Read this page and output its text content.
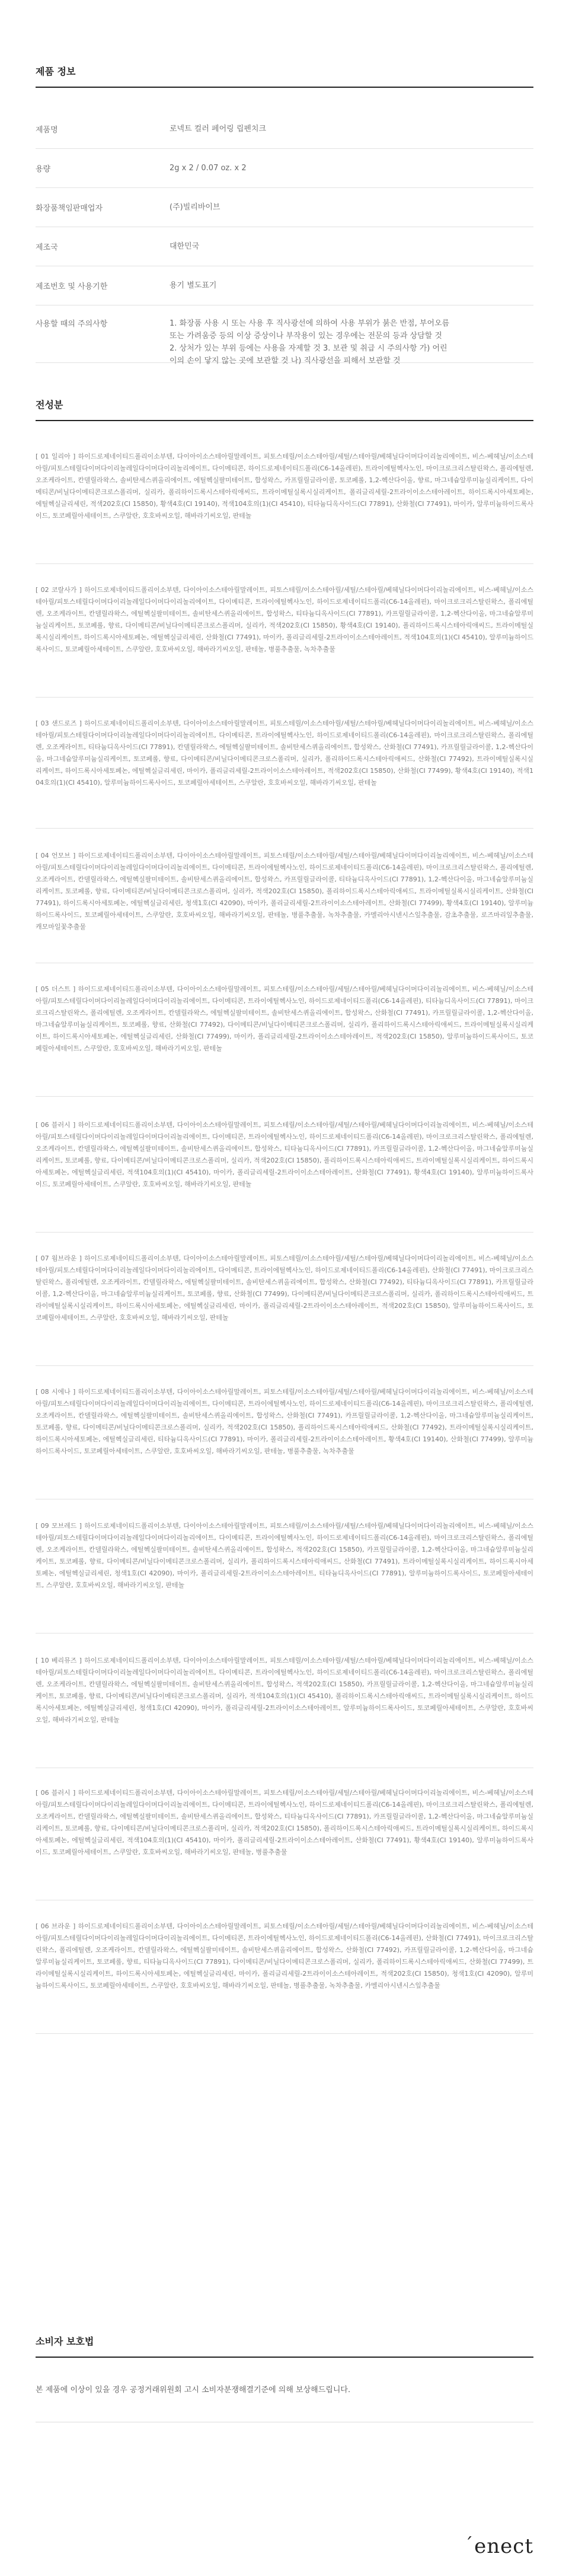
제품 정보
제품명	로넥트 컬러 페어링 립펜치크
용량	2g x 2 / 0.07 oz. x 2
화장품책임판매업자	(주)빌리바이브
제조국	대한민국
제조번호 및 사용기한	용기 별도표기
사용할 때의 주의사항	1. 화장품 사용 시 또는 사용 후 직사광선에 의하여 사용 부위가 붉은 반점, 부어오름
또는 가려움증 등의 이상 증상이나 부작용이 있는 경우에는 전문의 등과 상담할 것
2. 상처가 있는 부위 등에는 사용을 자제할 것 3. 보관 및 취급 시 주의사항 가) 어린
이의 손이 닿지 않는 곳에 보관할 것 나) 직사광선을 피해서 보관할 것
전성분

[ 01 일리아 ] 하이드로제네이티드폴리이소부텐, 다이아이소스테아릴말레이트, 피토스테릴/이소스테아릴/세틸/스테아릴/베헤닐다이머다이리놀리에이트, 비스-베헤닐/이소스테아릴/피토스테릴다이머다이리놀레일다이머다이리놀리에이트, 다이메티콘, 하이드로제네이티드폴리(C6-14올레핀), 트라이에틸헥사노인, 마이크로크리스탈린왁스, 폴리에틸렌, 오조케라이트, 칸델릴라왁스, 솔비탄세스퀴올리에이트, 에틸헥실팔미테이트, 합성왁스, 카프릴릴글라이콜, 토코페롤, 1,2-헥산다이올, 향료, 마그네슘알루미늄실리케이트, 다이메티콘/비닐다이메티콘크로스폴리머, 실리카, 폴리하이드록시스테아릭애씨드, 트라이메틸실록시실리케이트, 폴리글리세릴-2트라이이소스테아레이트, 하이드록시아세토페논, 에틸헥실글리세린, 적색202호(CI 15850), 황색4호(CI 19140), 적색104호의(1)(CI 45410), 티타늄디옥사이드(CI 77891), 산화철(CI 77491), 마이카, 알루미늄하이드록사이드, 토코페릴아세테이트, 스쿠알란, 호호바씨오일, 해바라기씨오일, 판테놀

[ 02 코랄사가 ] 하이드로제네이티드폴리이소부텐, 다이아이소스테아릴말레이트, 피토스테릴/이소스테아릴/세틸/스테아릴/베헤닐다이머다이리놀리에이트, 비스-베헤닐/이소스테아릴/피토스테릴다이머다이리놀레일다이머다이리놀리에이트, 다이메티콘, 트라이에틸헥사노인, 하이드로제네이티드폴리(C6-14올레핀), 마이크로크리스탈린왁스, 폴리에틸렌, 오조케라이트, 칸델릴라왁스, 에틸헥실팔미테이트, 솔비탄세스퀴올리에이트, 합성왁스, 티타늄디옥사이드(CI 77891), 카프릴릴글라이콜, 1,2-헥산다이올, 마그네슘알루미늄실리케이트, 토코페롤, 향료, 다이메티콘/비닐다이메티콘크로스폴리머, 실리카, 적색202호(CI 15850), 황색4호(CI 19140), 폴리하이드록시스테아릭애씨드, 트라이메틸실록시실리케이트, 하이드록시아세토페논, 에틸헥실글리세린, 산화철(CI 77491), 마이카, 폴리글리세릴-2트라이이소스테아레이트, 적색104호의(1)(CI 45410), 알루미늄하이드록사이드, 토코페릴아세테이트, 스쿠알란, 호호바씨오일, 해바라기씨오일, 판테놀, 병풀추출물, 녹차추출물

[ 03 샌드로즈 ] 하이드로제네이티드폴리이소부텐, 다이아이소스테아릴말레이트, 피토스테릴/이소스테아릴/세틸/스테아릴/베헤닐다이머다이리놀리에이트, 비스-베헤닐/이소스테아릴/피토스테릴다이머다이리놀레일다이머다이리놀리에이트, 다이메티콘, 트라이에틸헥사노인, 하이드로제네이티드폴리(C6-14올레핀), 마이크로크리스탈린왁스, 폴리에틸렌, 오조케라이트, 티타늄디옥사이드(CI 77891), 칸델릴라왁스, 에틸헥실팔미테이트, 솔비탄세스퀴올리에이트, 합성왁스, 산화철(CI 77491), 카프릴릴글라이콜, 1,2-헥산다이올, 마그네슘알루미늄실리케이트, 토코페롤, 향료, 다이메티콘/비닐다이메티콘크로스폴리머, 실리카, 폴리하이드록시스테아릭애씨드, 산화철(CI 77492), 트라이메틸실록시실리케이트, 하이드록시아세토페논, 에틸헥실글리세린, 마이카, 폴리글리세릴-2트라이이소스테아레이트, 적색202호(CI 15850), 산화철(CI 77499), 황색4호(CI 19140), 적색104호의(1)(CI 45410), 알루미늄하이드록사이드, 토코페릴아세테이트, 스쿠알란, 호호바씨오일, 해바라기씨오일, 판테놀

[ 04 언모브 ] 하이드로제네이티드폴리이소부텐, 다이아이소스테아릴말레이트, 피토스테릴/이소스테아릴/세틸/스테아릴/베헤닐다이머다이리놀리에이트, 비스-베헤닐/이소스테아릴/피토스테릴다이머다이리놀레일다이머다이리놀리에이트, 다이메티콘, 트라이에틸헥사노인, 하이드로제네이티드폴리(C6-14올레핀), 마이크로크리스탈린왁스, 폴리에틸렌, 오조케라이트, 칸델릴라왁스, 에틸헥실팔미테이트, 솔비탄세스퀴올리에이트, 합성왁스, 카프릴릴글라이콜, 티타늄디옥사이드(CI 77891), 1,2-헥산다이올, 마그네슘알루미늄실리케이트, 토코페롤, 향료, 다이메티콘/비닐다이메티콘크로스폴리머, 실리카, 적색202호(CI 15850), 폴리하이드록시스테아릭애씨드, 트라이메틸실록시실리케이트, 산화철(CI 77491), 하이드록시아세토페논, 에틸헥실글리세린, 청색1호(CI 42090), 마이카, 폴리글리세릴-2트라이이소스테아레이트, 산화철(CI 77499), 황색4호(CI 19140), 알루미늄하이드록사이드, 토코페릴아세테이트, 스쿠알란, 호호바씨오일, 해바라기씨오일, 판테놀, 병풀추출물, 녹차추출물, 카멜리아시넨시스잎추출물, 감초추출물, 로즈마리잎추출물, 캐모마일꽃추출물

[ 05 더스트 ] 하이드로제네이티드폴리이소부텐, 다이아이소스테아릴말레이트, 피토스테릴/이소스테아릴/세틸/스테아릴/베헤닐다이머다이리놀리에이트, 비스-베헤닐/이소스테아릴/피토스테릴다이머다이리놀레일다이머다이리놀리에이트, 다이메티콘, 트라이에틸헥사노인, 하이드로제네이티드폴리(C6-14올레핀), 티타늄디옥사이드(CI 77891), 마이크로크리스탈린왁스, 폴리에틸렌, 오조케라이트, 칸델릴라왁스, 에틸헥실팔미테이트, 솔비탄세스퀴올리에이트, 합성왁스, 산화철(CI 77491), 카프릴릴글라이콜, 1,2-헥산다이올, 마그네슘알루미늄실리케이트, 토코페롤, 향료, 산화철(CI 77492), 다이메티콘/비닐다이메티콘크로스폴리머, 실리카, 폴리하이드록시스테아릭애씨드, 트라이메틸실록시실리케이트, 하이드록시아세토페논, 에틸헥실글리세린, 산화철(CI 77499), 마이카, 폴리글리세릴-2트라이이소스테아레이트, 적색202호(CI 15850), 알루미늄하이드록사이드, 토코페릴아세테이트, 스쿠알란, 호호바씨오일, 해바라기씨오일, 판테놀

[ 06 블러시 ] 하이드로제네이티드폴리이소부텐, 다이아이소스테아릴말레이트, 피토스테릴/이소스테아릴/세틸/스테아릴/베헤닐다이머다이리놀리에이트, 비스-베헤닐/이소스테아릴/피토스테릴다이머다이리놀레일다이머다이리놀리에이트, 다이메티콘, 트라이에틸헥사노인, 하이드로제네이티드폴리(C6-14올레핀), 마이크로크리스탈린왁스, 폴리에틸렌, 오조케라이트, 칸델릴라왁스, 에틸헥실팔미테이트, 솔비탄세스퀴올리에이트, 합성왁스, 티타늄디옥사이드(CI 77891), 카프릴릴글라이콜, 1,2-헥산다이올, 마그네슘알루미늄실리케이트, 토코페롤, 향료, 다이메티콘/비닐다이메티콘크로스폴리머, 실리카, 적색202호(CI 15850), 폴리하이드록시스테아릭애씨드, 트라이메틸실록시실리케이트, 하이드록시아세토페논, 에틸헥실글리세린, 적색104호의(1)(CI 45410), 마이카, 폴리글리세릴-2트라이이소스테아레이트, 산화철(CI 77491), 황색4호(CI 19140), 알루미늄하이드록사이드, 토코페릴아세테이트, 스쿠알란, 호호바씨오일, 해바라기씨오일, 판테놀

[ 07 웜브라운 ] 하이드로제네이티드폴리이소부텐, 다이아이소스테아릴말레이트, 피토스테릴/이소스테아릴/세틸/스테아릴/베헤닐다이머다이리놀리에이트, 비스-베헤닐/이소스테아릴/피토스테릴다이머다이리놀레일다이머다이리놀리에이트, 다이메티콘, 트라이에틸헥사노인, 하이드로제네이티드폴리(C6-14올레핀), 산화철(CI 77491), 마이크로크리스탈린왁스, 폴리에틸렌, 오조케라이트, 칸델릴라왁스, 에틸헥실팔미테이트, 솔비탄세스퀴올리에이트, 합성왁스, 산화철(CI 77492), 티타늄디옥사이드(CI 77891), 카프릴릴글라이콜, 1,2-헥산다이올, 마그네슘알루미늄실리케이트, 토코페롤, 향료, 산화철(CI 77499), 다이메티콘/비닐다이메티콘크로스폴리머, 실리카, 폴리하이드록시스테아릭애씨드, 트라이메틸실록시실리케이트, 하이드록시아세토페논, 에틸헥실글리세린, 마이카, 폴리글리세릴-2트라이이소스테아레이트, 적색202호(CI 15850), 알루미늄하이드록사이드, 토코페릴아세테이트, 스쿠알란, 호호바씨오일, 해바라기씨오일, 판테놀

[ 08 시에나 ] 하이드로제네이티드폴리이소부텐, 다이아이소스테아릴말레이트, 피토스테릴/이소스테아릴/세틸/스테아릴/베헤닐다이머다이리놀리에이트, 비스-베헤닐/이소스테아릴/피토스테릴다이머다이리놀레일다이머다이리놀리에이트, 다이메티콘, 트라이에틸헥사노인, 하이드로제네이티드폴리(C6-14올레핀), 마이크로크리스탈린왁스, 폴리에틸렌, 오조케라이트, 칸델릴라왁스, 에틸헥실팔미테이트, 솔비탄세스퀴올리에이트, 합성왁스, 산화철(CI 77491), 카프릴릴글라이콜, 1,2-헥산다이올, 마그네슘알루미늄실리케이트, 토코페롤, 향료, 다이메티콘/비닐다이메티콘크로스폴리머, 실리카, 적색202호(CI 15850), 폴리하이드록시스테아릭애씨드, 산화철(CI 77492), 트라이메틸실록시실리케이트, 하이드록시아세토페논, 에틸헥실글리세린, 티타늄디옥사이드(CI 77891), 마이카, 폴리글리세릴-2트라이이소스테아레이트, 황색4호(CI 19140), 산화철(CI 77499), 알루미늄하이드록사이드, 토코페릴아세테이트, 스쿠알란, 호호바씨오일, 해바라기씨오일, 판테놀, 병풀추출물, 녹차추출물

[ 09 모브레드 ] 하이드로제네이티드폴리이소부텐, 다이아이소스테아릴말레이트, 피토스테릴/이소스테아릴/세틸/스테아릴/베헤닐다이머다이리놀리에이트, 비스-베헤닐/이소스테아릴/피토스테릴다이머다이리놀레일다이머다이리놀리에이트, 다이메티콘, 트라이에틸헥사노인, 하이드로제네이티드폴리(C6-14올레핀), 마이크로크리스탈린왁스, 폴리에틸렌, 오조케라이트, 칸델릴라왁스, 에틸헥실팔미테이트, 솔비탄세스퀴올리에이트, 합성왁스, 적색202호(CI 15850), 카프릴릴글라이콜, 1,2-헥산다이올, 마그네슘알루미늄실리케이트, 토코페롤, 향료, 다이메티콘/비닐다이메티콘크로스폴리머, 실리카, 폴리하이드록시스테아릭애씨드, 산화철(CI 77491), 트라이메틸실록시실리케이트, 하이드록시아세토페논, 에틸헥실글리세린, 청색1호(CI 42090), 마이카, 폴리글리세릴-2트라이이소스테아레이트, 티타늄디옥사이드(CI 77891), 알루미늄하이드록사이드, 토코페릴아세테이트, 스쿠알란, 호호바씨오일, 해바라기씨오일, 판테놀

[ 10 베리뮤즈 ] 하이드로제네이티드폴리이소부텐, 다이아이소스테아릴말레이트, 피토스테릴/이소스테아릴/세틸/스테아릴/베헤닐다이머다이리놀리에이트, 비스-베헤닐/이소스테아릴/피토스테릴다이머다이리놀레일다이머다이리놀리에이트, 다이메티콘, 트라이에틸헥사노인, 하이드로제네이티드폴리(C6-14올레핀), 마이크로크리스탈린왁스, 폴리에틸렌, 오조케라이트, 칸델릴라왁스, 에틸헥실팔미테이트, 솔비탄세스퀴올리에이트, 합성왁스, 적색202호(CI 15850), 카프릴릴글라이콜, 1,2-헥산다이올, 마그네슘알루미늄실리케이트, 토코페롤, 향료, 다이메티콘/비닐다이메티콘크로스폴리머, 실리카, 적색104호의(1)(CI 45410), 폴리하이드록시스테아릭애씨드, 트라이메틸실록시실리케이트, 하이드록시아세토페논, 에틸헥실글리세린, 청색1호(CI 42090), 마이카, 폴리글리세릴-2트라이이소스테아레이트, 알루미늄하이드록사이드, 토코페릴아세테이트, 스쿠알란, 호호바씨오일, 해바라기씨오일, 판테놀

[ 06 블러시 ] 하이드로제네이티드폴리이소부텐, 다이아이소스테아릴말레이트, 피토스테릴/이소스테아릴/세틸/스테아릴/베헤닐다이머다이리놀리에이트, 비스-베헤닐/이소스테아릴/피토스테릴다이머다이리놀레일다이머다이리놀리에이트, 다이메티콘, 트라이에틸헥사노인, 하이드로제네이티드폴리(C6-14올레핀), 마이크로크리스탈린왁스, 폴리에틸렌, 오조케라이트, 칸델릴라왁스, 에틸헥실팔미테이트, 솔비탄세스퀴올리에이트, 합성왁스, 티타늄디옥사이드(CI 77891), 카프릴릴글라이콜, 1,2-헥산다이올, 마그네슘알루미늄실리케이트, 토코페롤, 향료, 다이메티콘/비닐다이메티콘크로스폴리머, 실리카, 적색202호(CI 15850), 폴리하이드록시스테아릭애씨드, 트라이메틸실록시실리케이트, 하이드록시아세토페논, 에틸헥실글리세린, 적색104호의(1)(CI 45410), 마이카, 폴리글리세릴-2트라이이소스테아레이트, 산화철(CI 77491), 황색4호(CI 19140), 알루미늄하이드록사이드, 토코페릴아세테이트, 스쿠알란, 호호바씨오일, 해바라기씨오일, 판테놀, 병풀추출물

[ 06 브라운 ] 하이드로제네이티드폴리이소부텐, 다이아이소스테아릴말레이트, 피토스테릴/이소스테아릴/세틸/스테아릴/베헤닐다이머다이리놀리에이트, 비스-베헤닐/이소스테아릴/피토스테릴다이머다이리놀레일다이머다이리놀리에이트, 다이메티콘, 트라이에틸헥사노인, 하이드로제네이티드폴리(C6-14올레핀), 산화철(CI 77491), 마이크로크리스탈린왁스, 폴리에틸렌, 오조케라이트, 칸델릴라왁스, 에틸헥실팔미테이트, 솔비탄세스퀴올리에이트, 합성왁스, 산화철(CI 77492), 카프릴릴글라이콜, 1,2-헥산다이올, 마그네슘알루미늄실리케이트, 토코페롤, 향료, 티타늄디옥사이드(CI 77891), 다이메티콘/비닐다이메티콘크로스폴리머, 실리카, 폴리하이드록시스테아릭애씨드, 산화철(CI 77499), 트라이메틸실록시실리케이트, 하이드록시아세토페논, 에틸헥실글리세린, 마이카, 폴리글리세릴-2트라이이소스테아레이트, 적색202호(CI 15850), 청색1호(CI 42090), 알루미늄하이드록사이드, 토코페릴아세테이트, 스쿠알란, 호호바씨오일, 해바라기씨오일, 판테놀, 병풀추출물, 녹차추출물, 카멜리아시넨시스잎추출물

소비자 보호법

본 제품에 이상이 있을 경우 공정거래위원회 고시 소비자분쟁해결기준에 의해 보상해드립니다.

ˊenect
